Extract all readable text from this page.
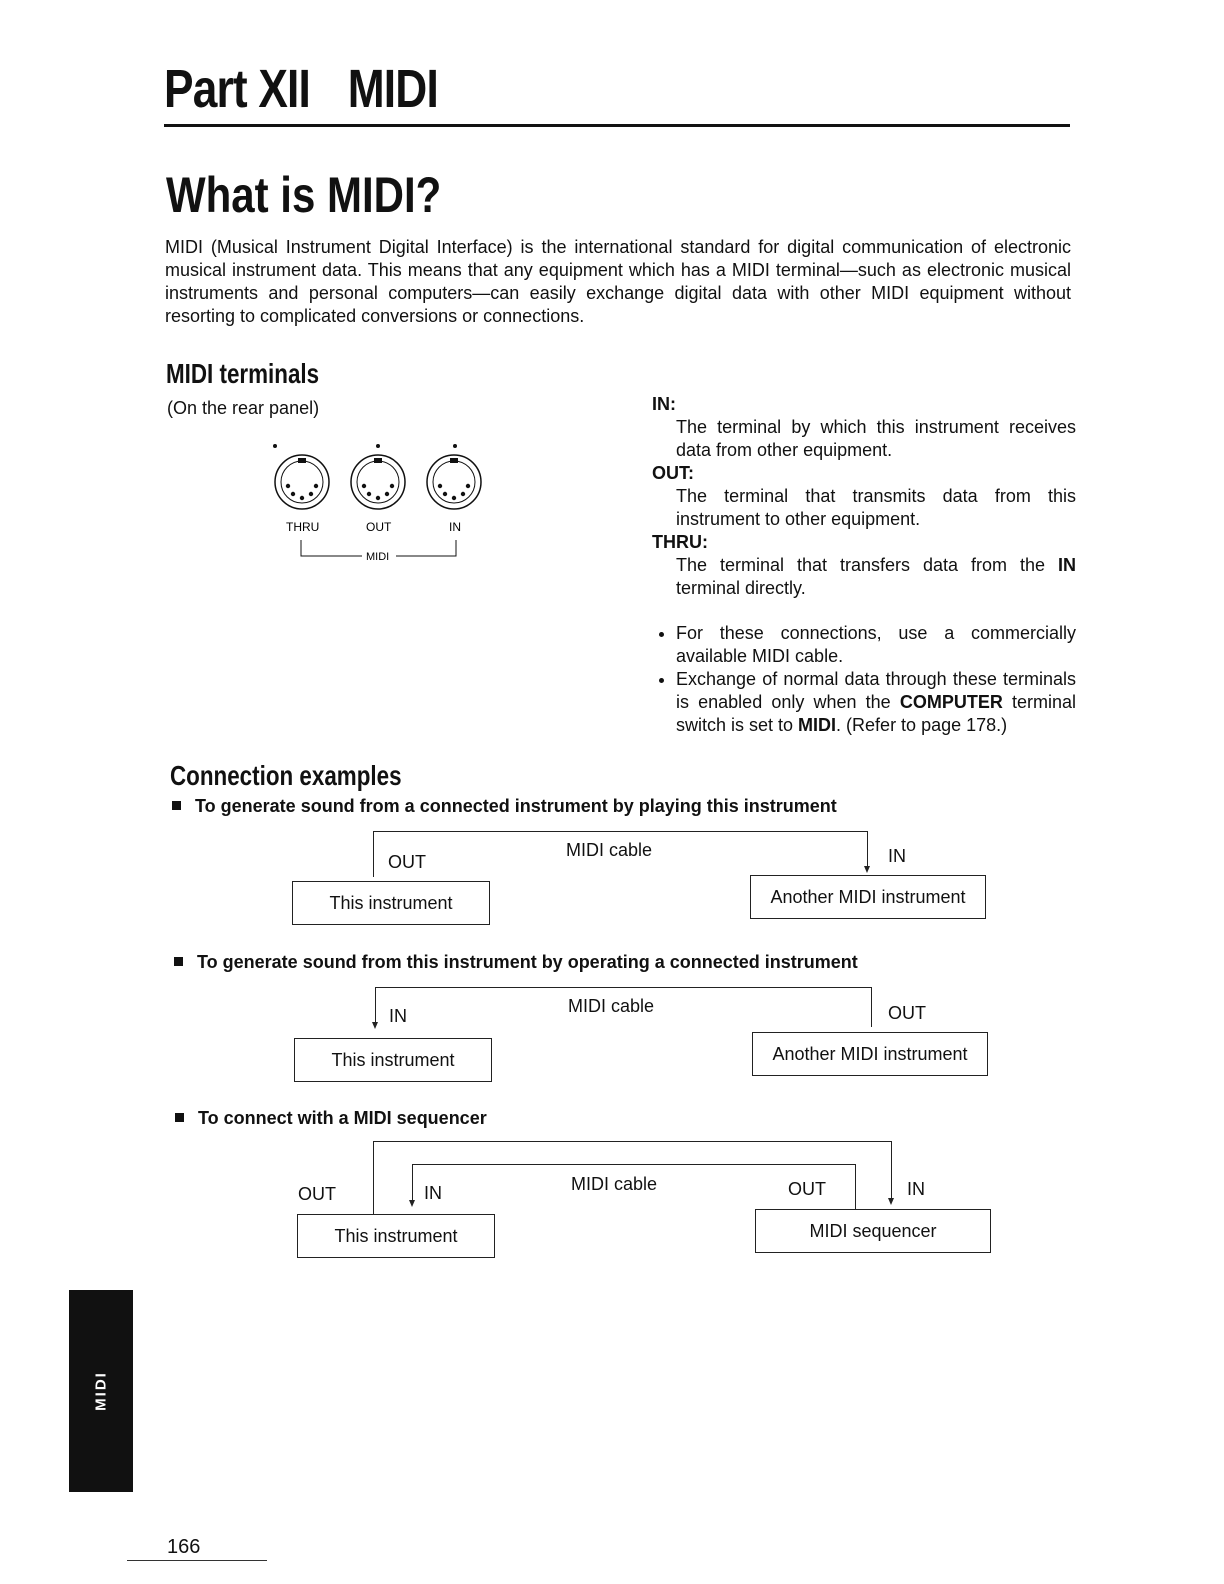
Part XII MIDI
What is MIDI?
MIDI (Musical Instrument Digital Interface) is the international standard for digital communication of electronic musical instrument data. This means that any equipment which has a MIDI terminal—such as electronic musical instruments and personal computers—can easily exchange digital data with other MIDI equipment without resorting to complicated conversions or connections.
MIDI terminals
(On the rear panel)
THRU	OUT	IN
MIDI
IN:
The terminal by which this instrument receives data from other equipment.
OUT:
The terminal that transmits data from this instrument to other equipment.
THRU:
The terminal that transfers data from the IN terminal directly.
• For these connections, use a commercially available MIDI cable.
• Exchange of normal data through these terminals is enabled only when the COMPUTER terminal switch is set to MIDI. (Refer to page 178.)
Connection examples
To generate sound from a connected instrument by playing this instrument
OUT
MIDI cable	IN
This instrument	Another MIDI instrument
To generate sound from this instrument by operating a connected instrument
IN	MIDI cable	OUT
This instrument	Another MIDI instrument
To connect with a MIDI sequencer
OUT	IN	MIDI cable	OUT	IN
This instrument	MIDI sequencer
MIDI
166
